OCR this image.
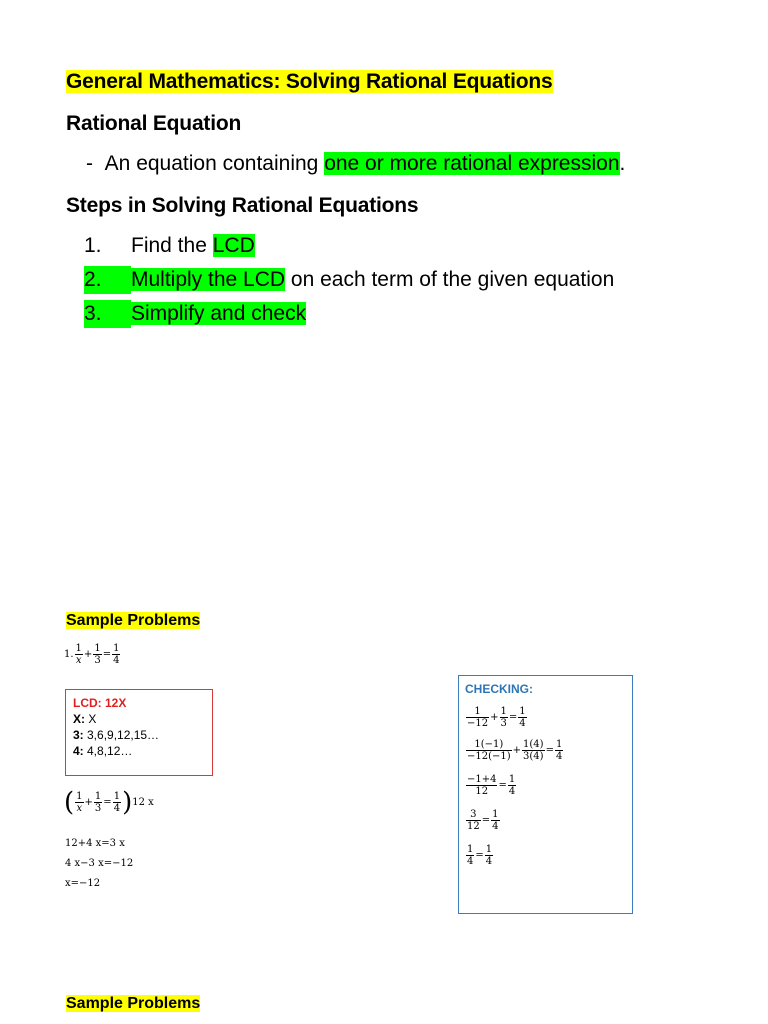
General Mathematics: Solving Rational Equations
Rational Equation
- An equation containing one or more rational expression.
Steps in Solving Rational Equations
1. Find the LCD
2. Multiply the LCD on each term of the given equation
3. Simplify and check
Sample Problems
1. $\frac{1}{x} + \frac{1}{3} = \frac{1}{4}$
LCD: 12X
X: X
3: 3,6,9,12,15…
4: 4,8,12…
( $\frac{1}{x} + \frac{1}{3} = \frac{1}{4} )12$ x
12+4 x=3 x
4 x−3 x=−12
x=−12
CHECKING:
$\frac{1}{-12} + \frac{1}{3} = \frac{1}{4}$
$\frac{1(-1)}{-12(-1)} + \frac{1(4)}{3(4)} = \frac{1}{4}$
$\frac{-1+4}{12} = \frac{1}{4}$
$\frac{3}{12} = \frac{1}{4}$
$\frac{1}{4} = \frac{1}{4}$
Sample Problems
